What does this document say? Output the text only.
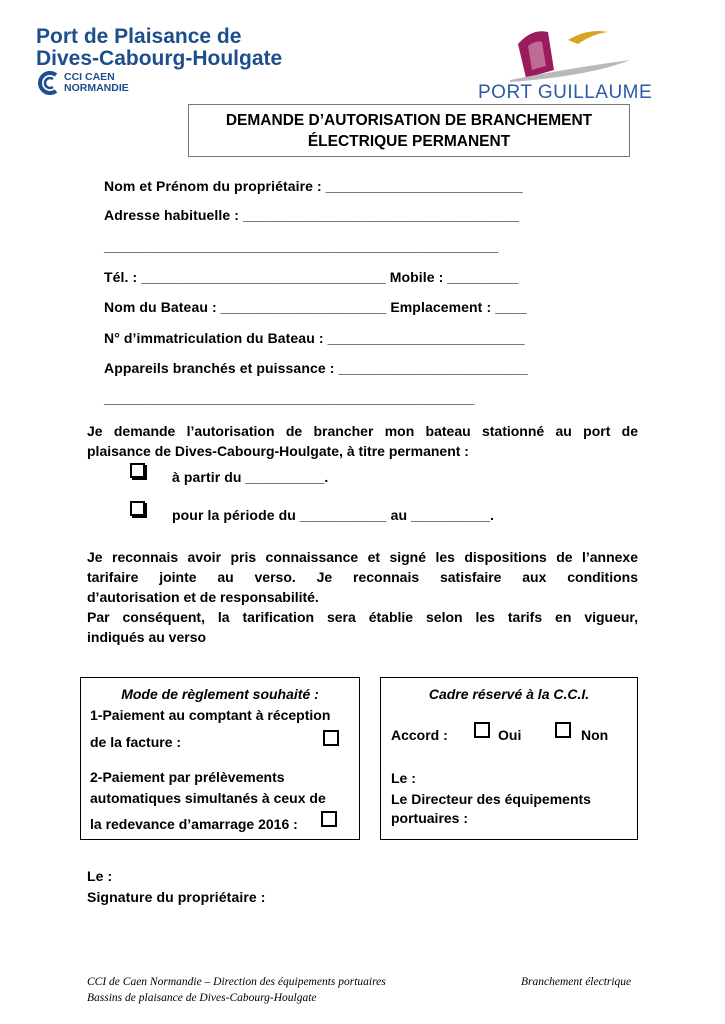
Port de Plaisance de
Dives-Cabourg-Houlgate
CCI CAEN
NORMANDIE	PORT GUILLAUME
DEMANDE D’AUTORISATION DE BRANCHEMENT
ÉLECTRIQUE PERMANENT
Nom et Prénom du propriétaire : _________________________
Adresse habituelle : ___________________________________
__________________________________________________
Tél. : _______________________________ Mobile : _________
Nom du Bateau : _____________________ Emplacement : ____
N° d’immatriculation du Bateau : _________________________
Appareils branchés et puissance : ________________________
_______________________________________________
Je demande l’autorisation de brancher mon bateau stationné au port de
plaisance de Dives-Cabourg-Houlgate, à titre permanent :
à partir du __________.
pour la période du ___________ au __________.
Je reconnais avoir pris connaissance et signé les dispositions de l’annexe
tarifaire jointe au verso. Je reconnais satisfaire aux conditions
d’autorisation et de responsabilité.
Par conséquent, la tarification sera établie selon les tarifs en vigueur,
indiqués au verso
Mode de règlement souhaité :
1-Paiement au comptant à réception
de la facture :
2-Paiement par prélèvements
automatiques simultanés à ceux de
la redevance d’amarrage 2016 :
Cadre réservé à la C.C.I.
Accord :	Oui	Non
Le :
Le Directeur des équipements
portuaires :
Le :
Signature du propriétaire :
CCI de Caen Normandie – Direction des équipements portuaires
Bassins de plaisance de Dives-Cabourg-Houlgate
Branchement électrique
